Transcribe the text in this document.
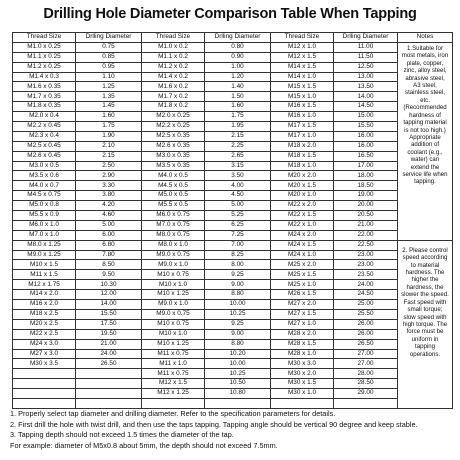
Drilling Hole Diameter Comparison Table When Tapping
Thread Size	Drlling Diameter	Thread Size	Drlling Diameter	Thread Size	Drlling Diameter	Notes
M1.0 x 0.25	0.75	M1.0 x 0.2	0.80	M12 x 1.0	11.00	1.Suitable for most metals, iron plate, copper, zinc, alloy steel, abrasive steel, A3 steel, stainless steel, etc.(Recommended hardness of tapping material is not too high.) Appropriate addition of coolant (e.g., water) can extend the service life when tapping.
M1.1 x 0.25	0.85	M1.1 x 0.2	0.90	M12 x 1.5	11.50	
M1.2 x 0.25	0.95	M1.2 x 0.2	1.00	M14 x 1.5	12.50	
M1.4 x 0.3	1.10	M1.4 x 0.2	1.20	M14 x 1.0	13.00	
M1.6 x 0.35	1.25	M1.6 x 0.2	1.40	M15 x 1.5	13.50	
M1.7 x 0.35	1.35	M1.7 x 0.2	1.50	M15 x 1.0	14.00	
M1.8 x 0.35	1.45	M1.8 x 0.2	1.60	M16 x 1.5	14.50	
M2.0 x 0.4	1.60	M2.0 x 0.25	1.75	M16 x 1.0	15.00	
M2.2 x 0.45	1.75	M2.2 x 0.25	1.95	M17 x 1.5	15.50	
M2.3 x 0.4	1.90	M2.5 x 0.35	2.15	M17 x 1.0	16.00	
M2.5 x 0.45	2.10	M2.6 x 0.35	2.25	M18 x 2.0	16.00	
M2.6 x 0.45	2.15	M3.0 x 0.35	2.65	M18 x 1.5	16.50	
M3.0 x 0.5	2.50	M3.5 x 0.35	3.15	M18 x 1.0	17.00	
M3.5 x 0.6	2.90	M4.0 x 0.5	3.50	M20 x 2.0	18.00	
M4.0 x 0.7	3.30	M4.5 x 0.5	4.00	M20 x 1.5	18.50	
M4.5 x 0.75	3.80	M5.0 x 0.5	4.50	M20 x 1.0	19.00	
M5.0 x 0.8	4.20	M5.5 x 0.5	5.00	M22 x 2.0	20.00	
M5.5 x 0.9	4.60	M6.0 x 0.75	5.25	M22 x 1.5	20.50	
M6.0 x 1.0	5.00	M7.0 x 0.75	6.25	M22 x 1.0	21.00	
M7.0 x 1.0	6.00	M8.0 x 0.75	7.25	M24 x 2.0	22.00	
M8.0 x 1.25	6.80	M8.0 x 1.0	7.00	M24 x 1.5	22.50	2. Please control speed according to material hardness. The higher the hardness, the slower the speed. Fast speed with small torque; slow speed with high torque. The force must be uniform in tapping operations.
M9.0 x 1.25	7.80	M9.0 x 0.75	8.25	M24 x 1.0	23.00	
M10 x 1.5	8.50	M9.0 x 1.0	8.00	M25 x 2.0	23.00	
M11 x 1.5	9.50	M10 x 0.75	9.25	M25 x 1.5	23.50	
M12 x 1.75	10.30	M10 x 1.0	9.00	M25 x 1.0	24.00	
M14 x 2.0	12.00	M10 x 1.25	8.80	M26 x 1.5	24.50	
M16 x 2.0	14.00	M9.0 x 1.0	10.00	M27 x 2.0	25.00	
M18 x 2.5	15.50	M9.0 x 0.75	10.25	M27 x 1.5	25.50	
M20 x 2.5	17.50	M10 x 0.75	9.25	M27 x 1.0	26.00	
M22 x 2.5	19.50	M10 x 1.0	9.00	M28 x 2.0	26.00	
M24 x 3.0	21.00	M10 x 1.25	8.80	M28 x 1.5	26.50	
M27 x 3.0	24.00	M11 x 0.75	10.20	M28 x 1.0	27.00	
M30 x 3.5	26.50	M11 x 1.0	10.00	M30 x 3.0	27.00	
		M11 x 0.75	10.25	M30 x 2.0	28.00	
		M12 x 1.5	10.50	M30 x 1.5	28.50	
		M12 x 1.25	10.80	M30 x 1.0	29.00	

1. Properly select tap diameter and drilling diameter. Refer to the specification parameters for details.
2. First drill the hole with twist drill, and then use the taps tapping. Tapping angle should be vertical 90 degree and keep stable.
3. Tapping depth should not exceed 1.5 times the diameter of the tap.
For example: diameter of M5x0.8 about 5mm, the depth should not exceed 7.5mm.
